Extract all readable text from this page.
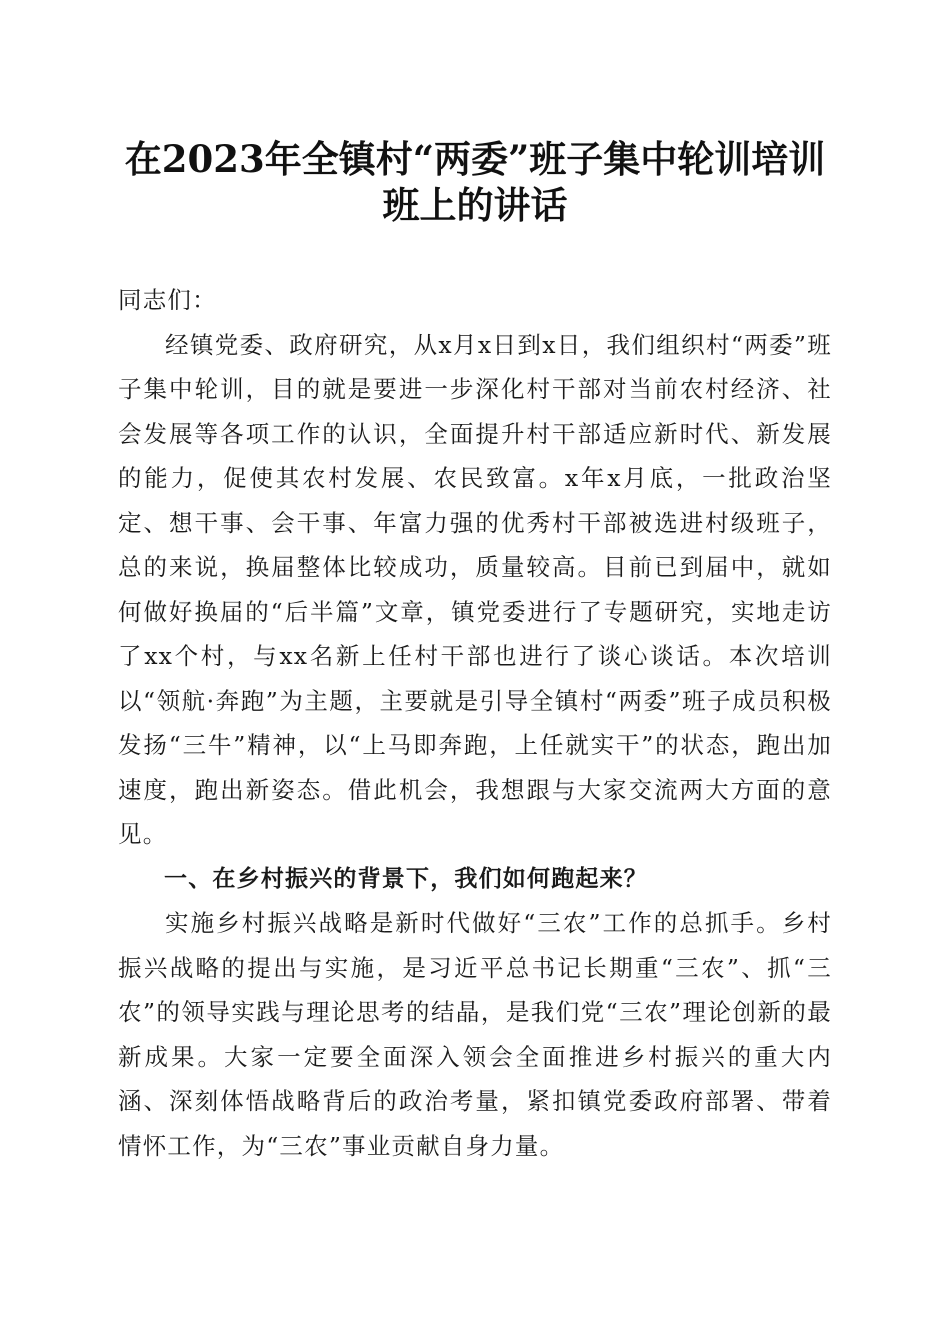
在2023年全镇村“两委”班子集中轮训培训
班上的讲话

同志们：

经镇党委、政府研究，从x月x日到x日，我们组织村“两委”班子集中轮训，目的就是要进一步深化村干部对当前农村经济、社会发展等各项工作的认识，全面提升村干部适应新时代、新发展的能力，促使其农村发展、农民致富。x年x月底，一批政治坚定、想干事、会干事、年富力强的优秀村干部被选进村级班子，总的来说，换届整体比较成功，质量较高。目前已到届中，就如何做好换届的“后半篇”文章，镇党委进行了专题研究，实地走访了xx个村，与xx名新上任村干部也进行了谈心谈话。本次培训以“领航·奔跑”为主题，主要就是引导全镇村“两委”班子成员积极发扬“三牛”精神，以“上马即奔跑，上任就实干”的状态，跑出加速度，跑出新姿态。借此机会，我想跟与大家交流两大方面的意见。

一、在乡村振兴的背景下，我们如何跑起来？

实施乡村振兴战略是新时代做好“三农”工作的总抓手。乡村振兴战略的提出与实施，是习近平总书记长期重“三农”、抓“三农”的领导实践与理论思考的结晶，是我们党“三农”理论创新的最新成果。大家一定要全面深入领会全面推进乡村振兴的重大内涵、深刻体悟战略背后的政治考量，紧扣镇党委政府部署、带着情怀工作，为“三农”事业贡献自身力量。
